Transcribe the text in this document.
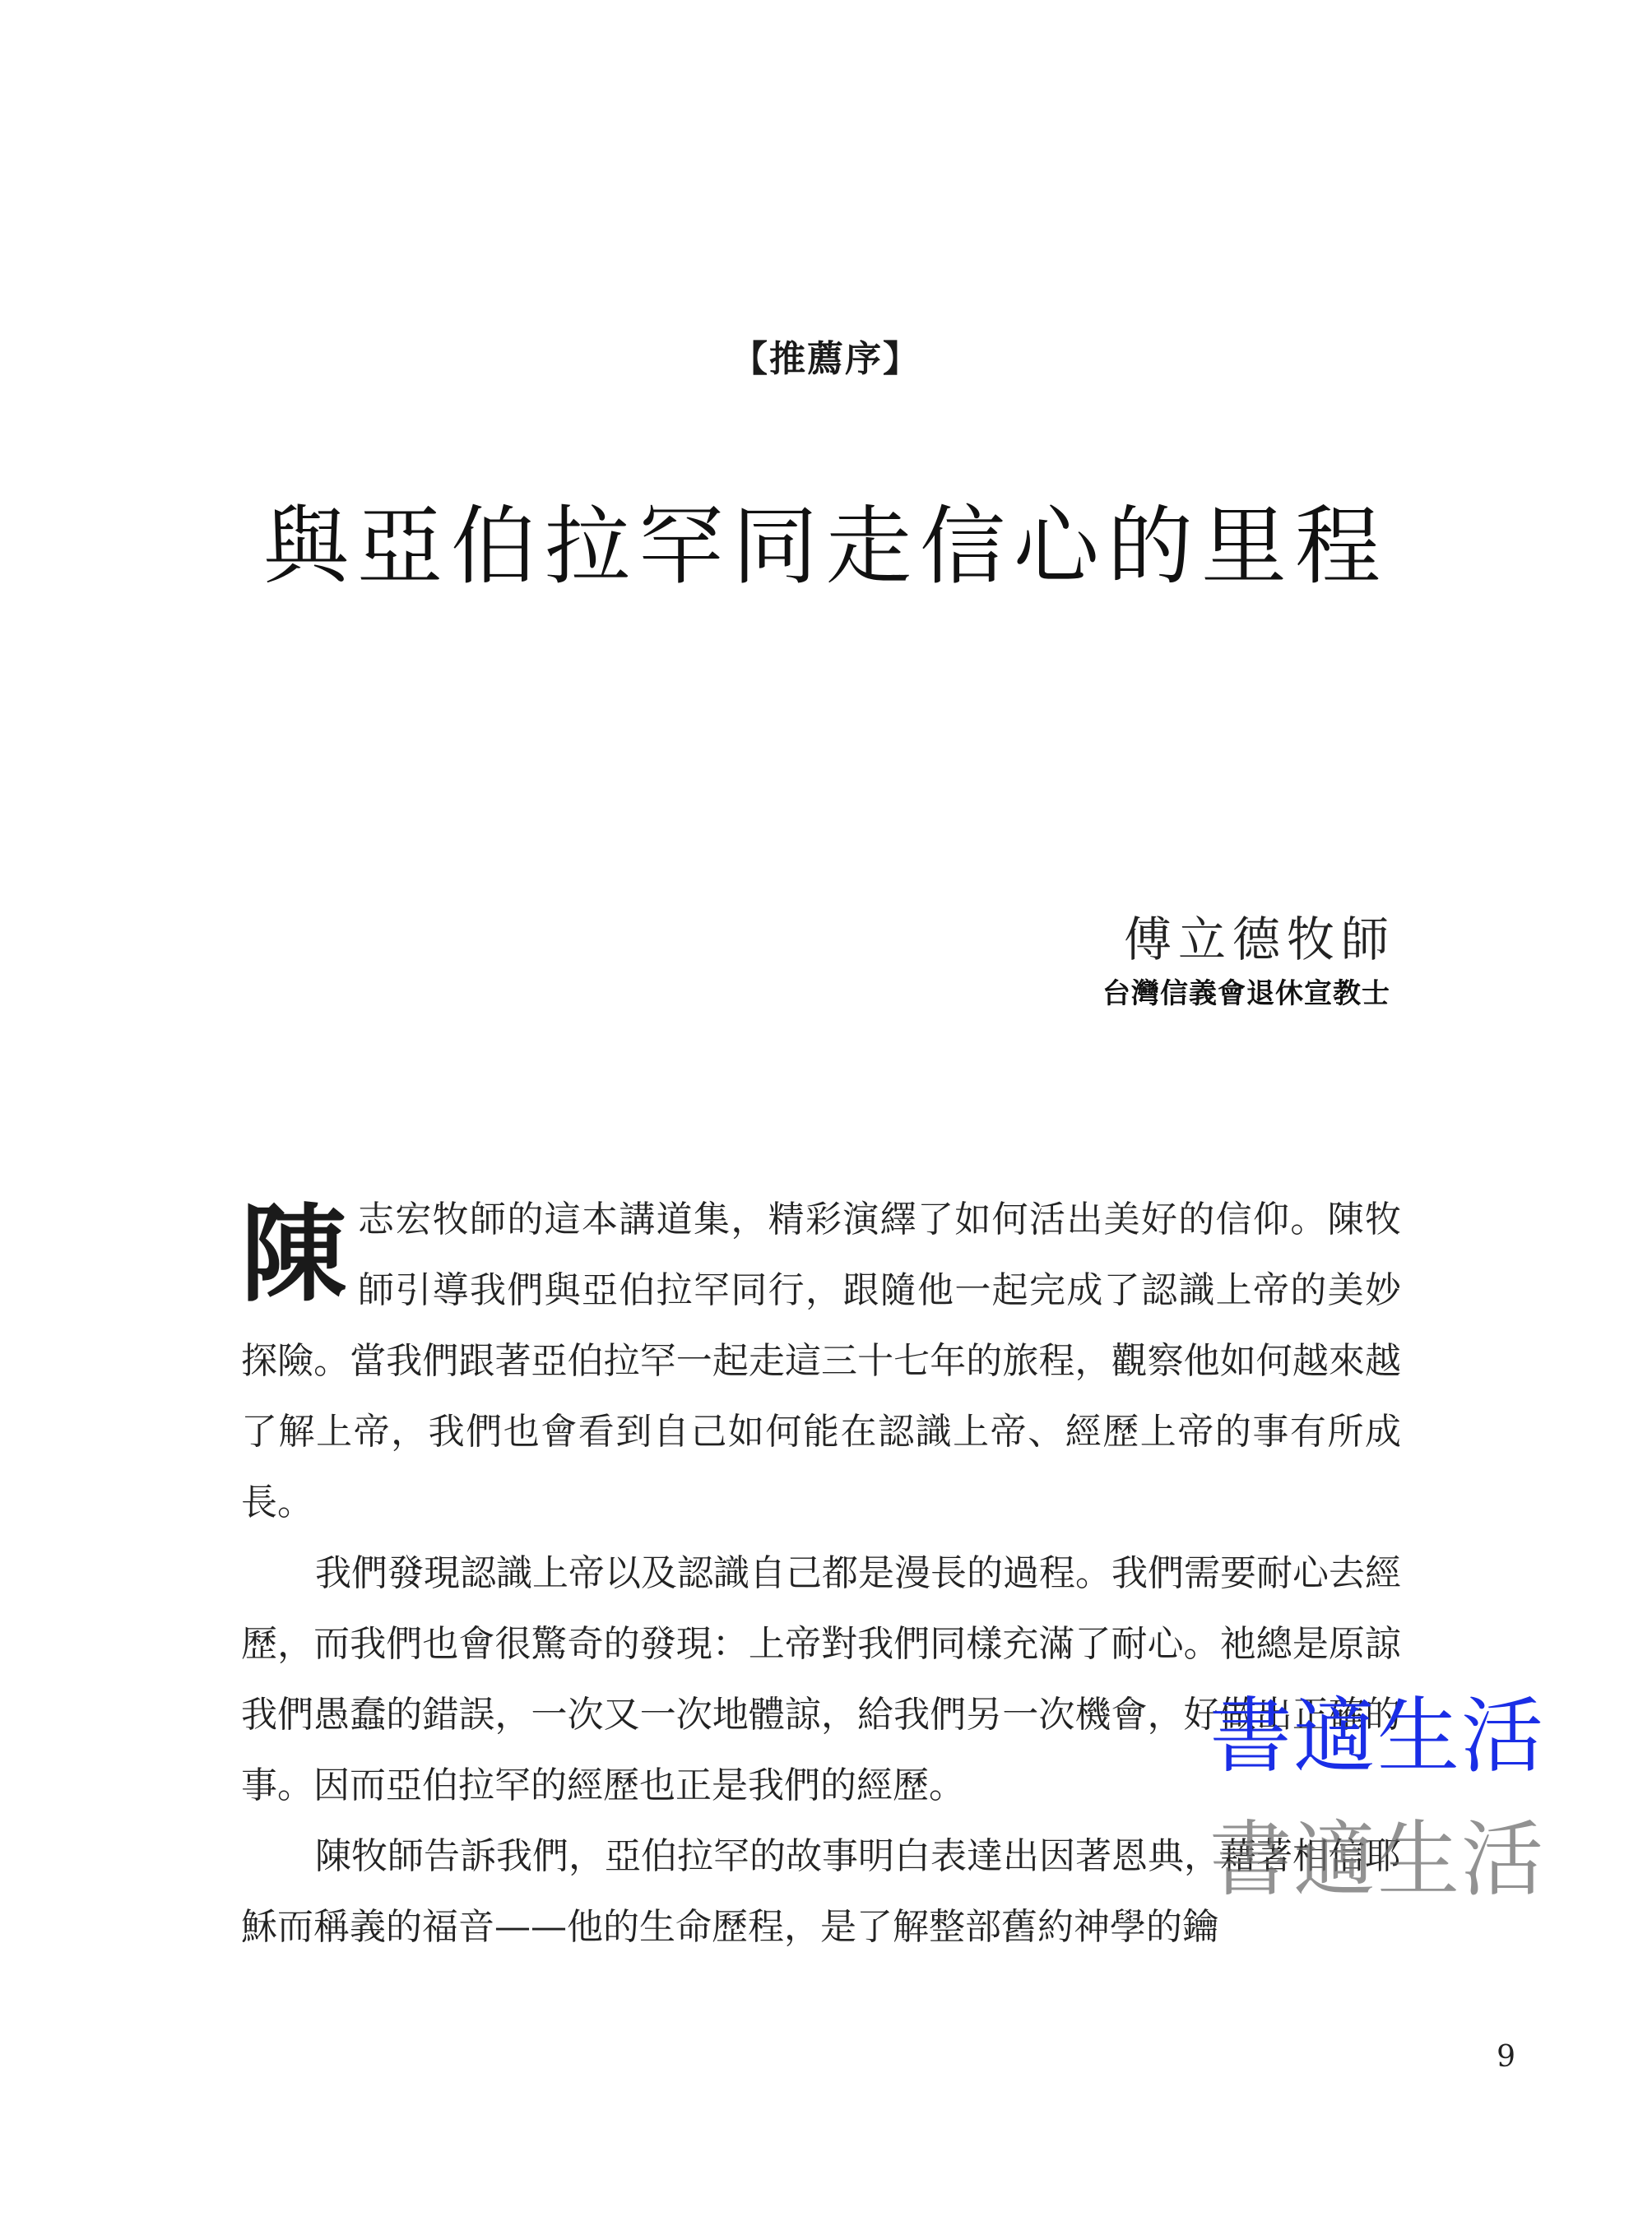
【推薦序】
與亞伯拉罕同走信心的里程
傅立德牧師
台灣信義會退休宣教士

陳志宏牧師的這本講道集，精彩演繹了如何活出美好的信仰。陳牧師引導我們與亞伯拉罕同行，跟隨他一起完成了認識上帝的美妙探險。當我們跟著亞伯拉罕一起走這三十七年的旅程，觀察他如何越來越了解上帝，我們也會看到自己如何能在認識上帝、經歷上帝的事有所成長。

我們發現認識上帝以及認識自己都是漫長的過程。我們需要耐心去經歷，而我們也會很驚奇的發現：上帝對我們同樣充滿了耐心。祂總是原諒我們愚蠢的錯誤，一次又一次地體諒，給我們另一次機會，好做出正確的事。因而亞伯拉罕的經歷也正是我們的經歷。

陳牧師告訴我們，亞伯拉罕的故事明白表達出因著恩典，藉著相信耶穌而稱義的福音——他的生命歷程，是了解整部舊約神學的鑰

書適生活
書適生活
9
